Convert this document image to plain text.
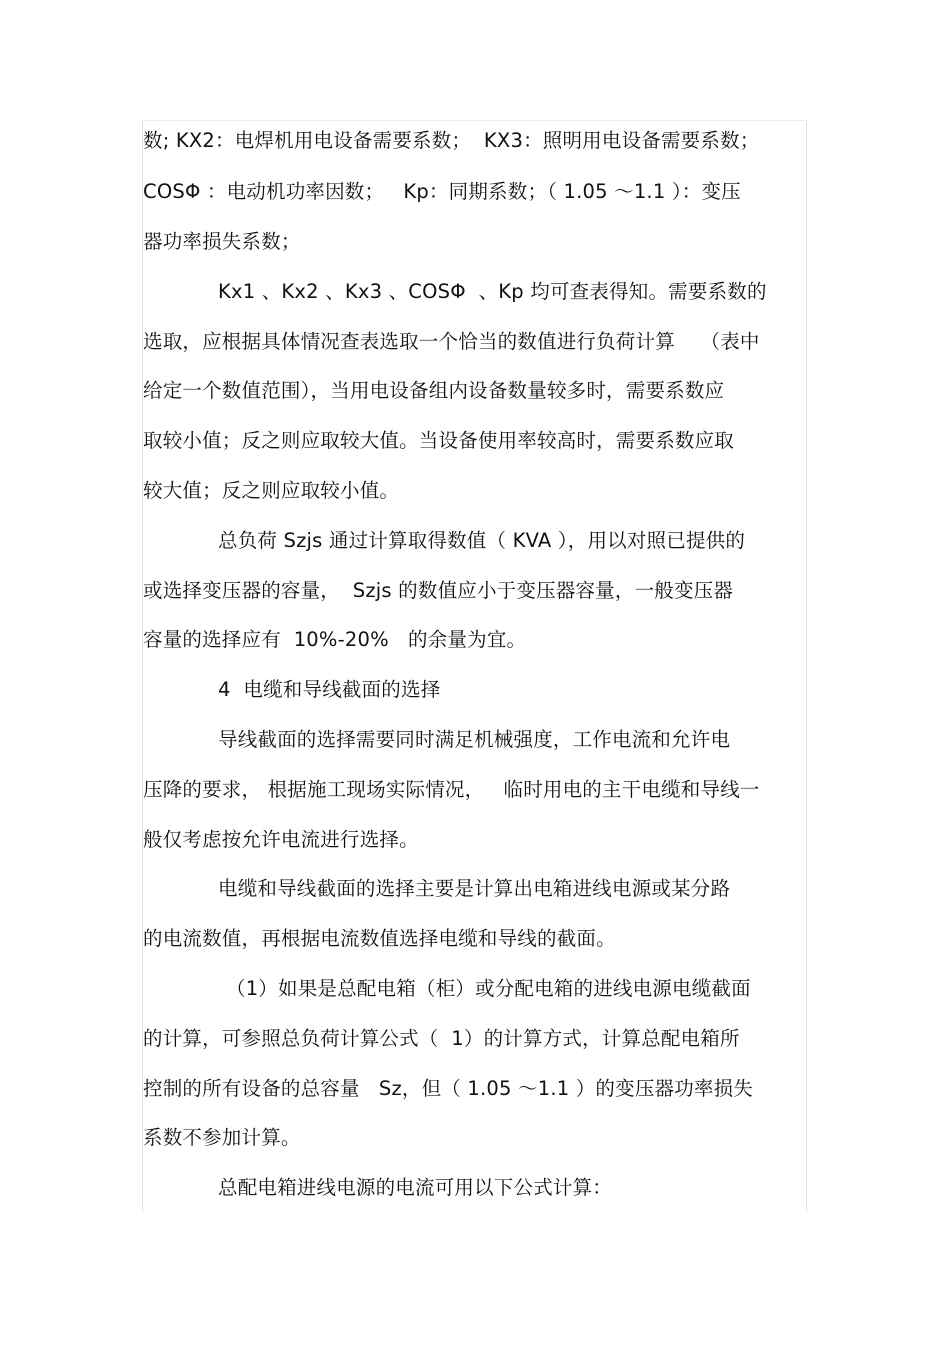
数; KX2：电焊机用电设备需要系数；  KX3：照明用电设备需要系数；
COSΦ ：电动机功率因数；   Kp：同期系数；（ 1.05 ～1.1 ）：变压
器功率损失系数；
Kx1 、Kx2 、Kx3 、COSΦ  、Kp 均可查表得知。需要系数的
选取，应根据具体情况查表选取一个恰当的数值进行负荷计算    （表中
给定一个数值范围），当用电设备组内设备数量较多时，需要系数应
取较小值；反之则应取较大值。当设备使用率较高时，需要系数应取
较大值；反之则应取较小值。
总负荷 Szjs 通过计算取得数值（ KVA ），用以对照已提供的
或选择变压器的容量，  Szjs 的数值应小于变压器容量，一般变压器
容量的选择应有  10%-20%   的余量为宜。
4  电缆和导线截面的选择
导线截面的选择需要同时满足机械强度，工作电流和允许电
压降的要求， 根据施工现场实际情况，   临时用电的主干电缆和导线一
般仅考虑按允许电流进行选择。
电缆和导线截面的选择主要是计算出电箱进线电源或某分路
的电流数值，再根据电流数值选择电缆和导线的截面。
（1）如果是总配电箱（柜）或分配电箱的进线电源电缆截面
的计算，可参照总负荷计算公式（  1）的计算方式，计算总配电箱所
控制的所有设备的总容量   Sz，但（ 1.05 ～1.1 ）的变压器功率损失
系数不参加计算。
总配电箱进线电源的电流可用以下公式计算：
